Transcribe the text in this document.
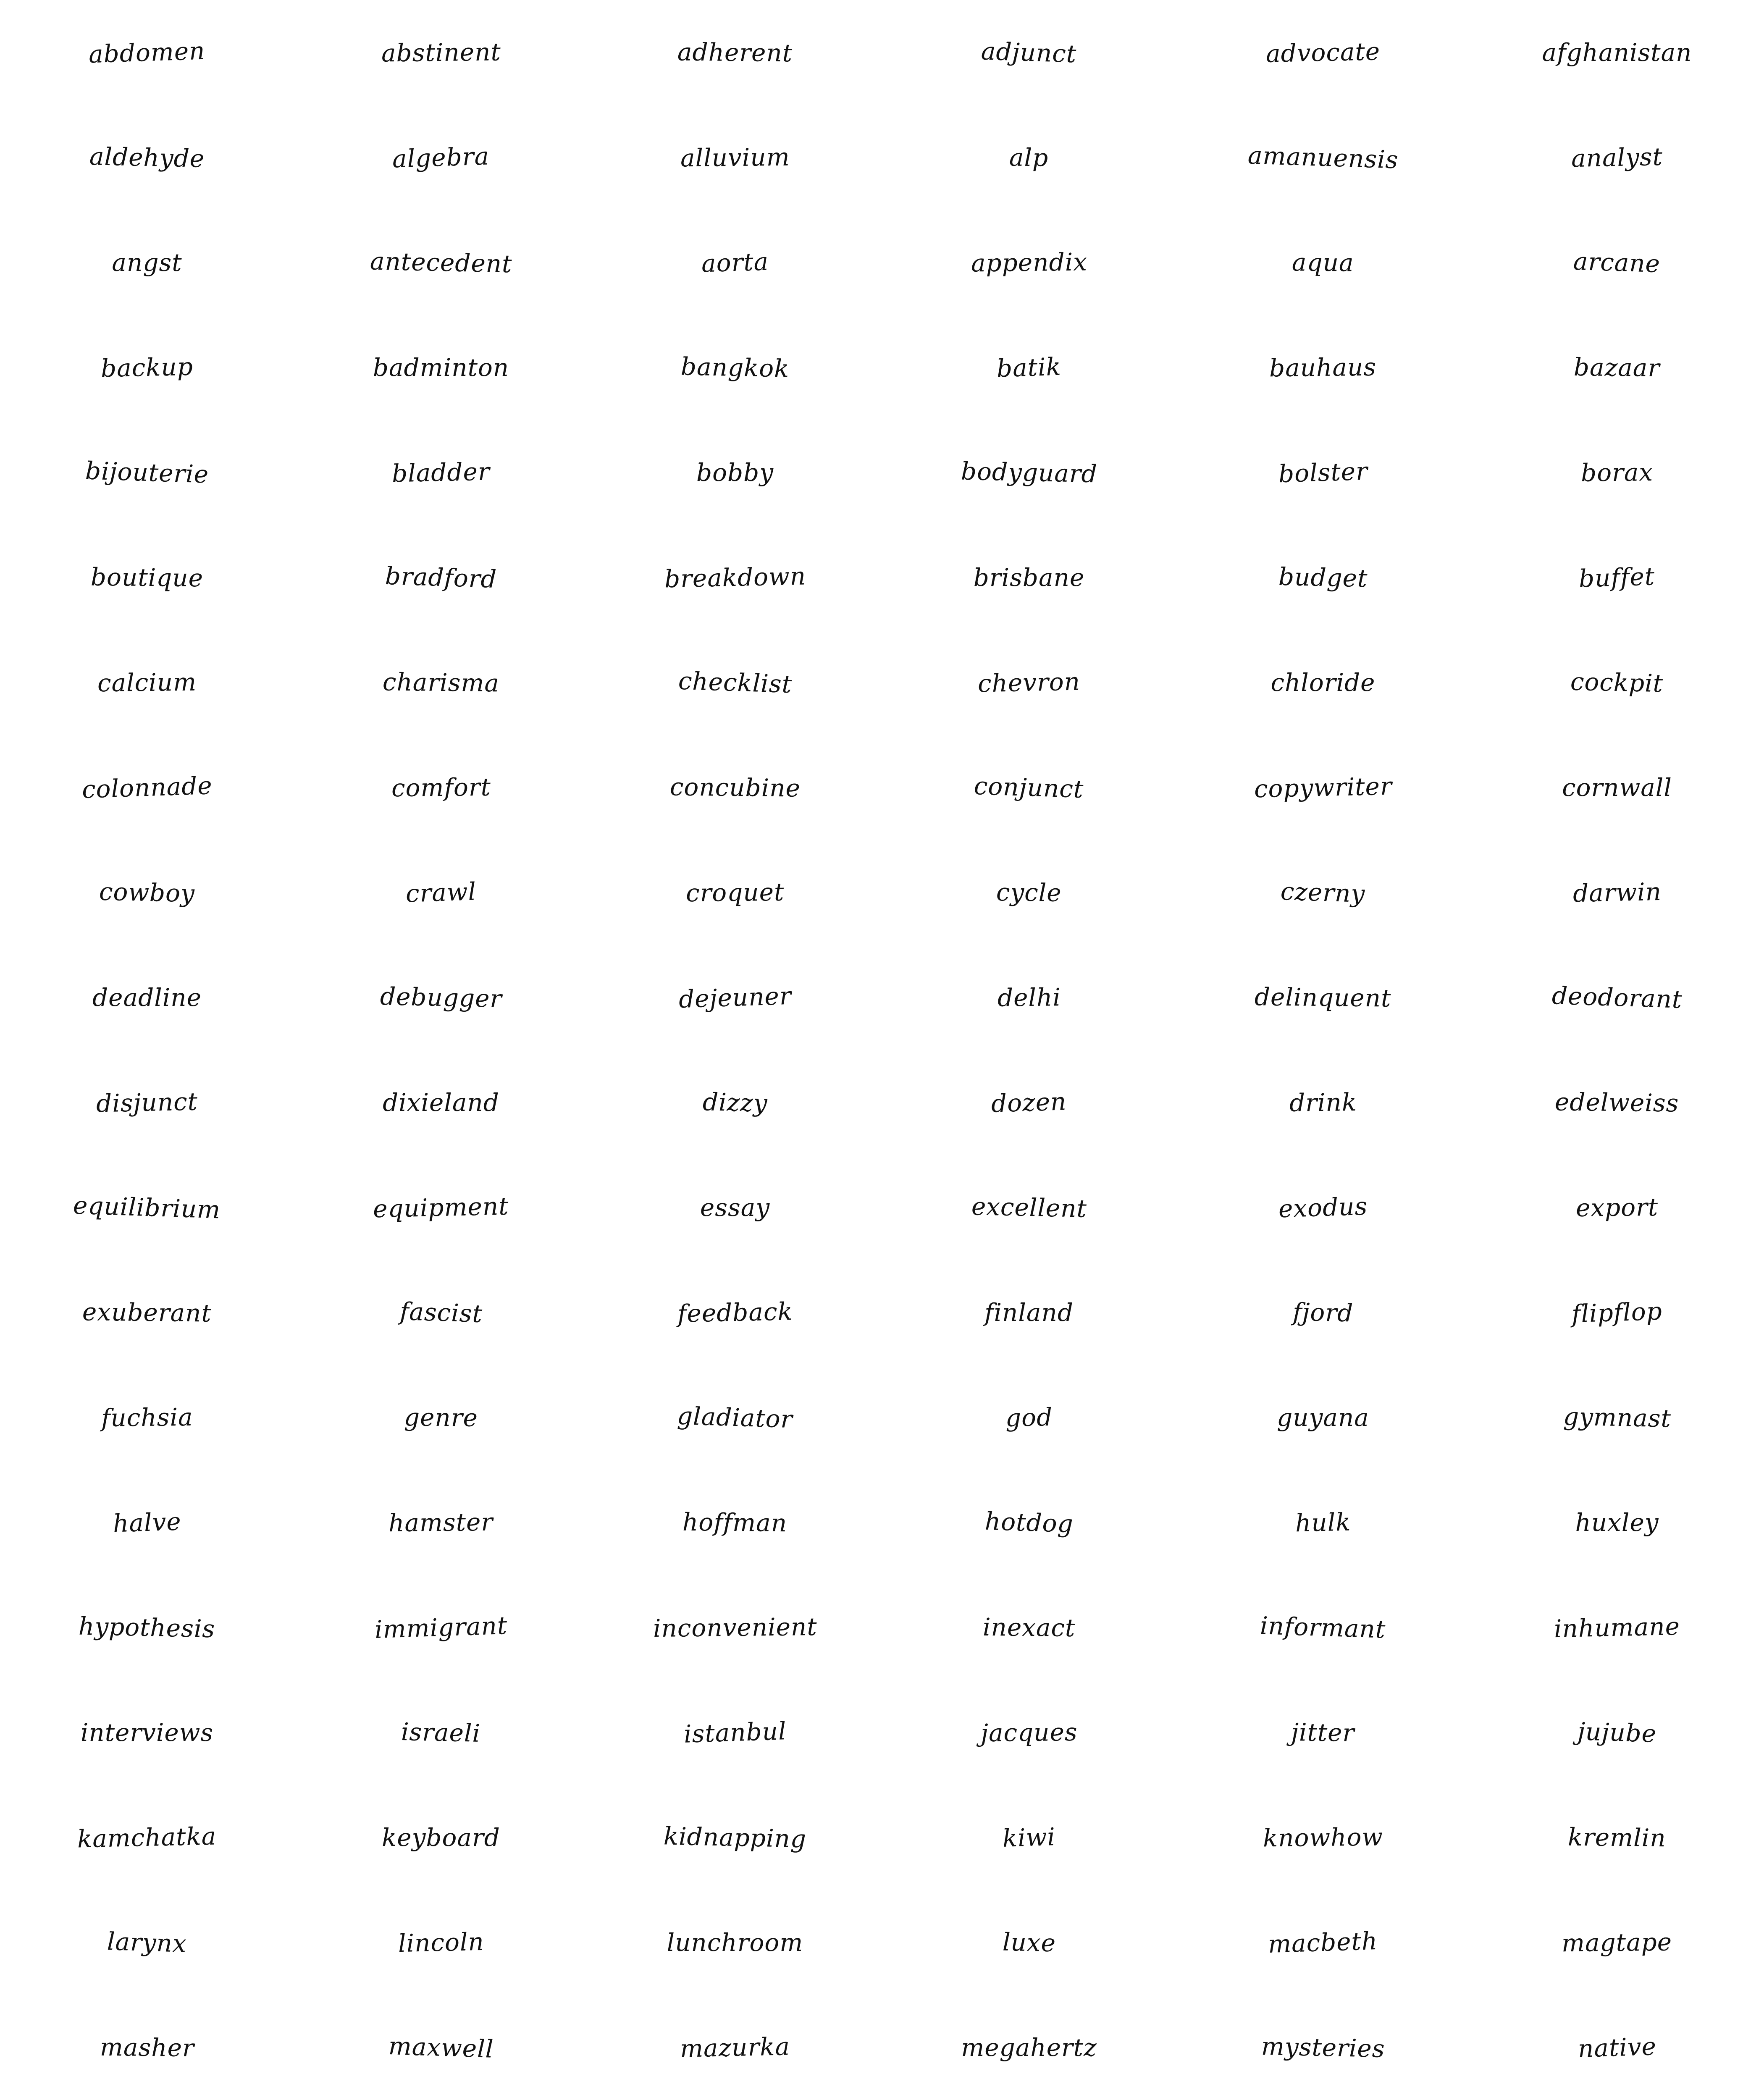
abdomen	abstinent	adherent	adjunct	advocate	afghanistan
aldehyde	algebra	alluvium	alp	amanuensis	analyst
angst	antecedent	aorta	appendix	aqua	arcane
backup	badminton	bangkok	batik	bauhaus	bazaar
bijouterie	bladder	bobby	bodyguard	bolster	borax
boutique	bradford	breakdown	brisbane	budget	buffet
calcium	charisma	checklist	chevron	chloride	cockpit
colonnade	comfort	concubine	conjunct	copywriter	cornwall
cowboy	crawl	croquet	cycle	czerny	darwin
deadline	debugger	dejeuner	delhi	delinquent	deodorant
disjunct	dixieland	dizzy	dozen	drink	edelweiss
equilibrium	equipment	essay	excellent	exodus	export
exuberant	fascist	feedback	finland	fjord	flipflop
fuchsia	genre	gladiator	god	guyana	gymnast
halve	hamster	hoffman	hotdog	hulk	huxley
hypothesis	immigrant	inconvenient	inexact	informant	inhumane
interviews	israeli	istanbul	jacques	jitter	jujube
kamchatka	keyboard	kidnapping	kiwi	knowhow	kremlin
larynx	lincoln	lunchroom	luxe	macbeth	magtape
masher	maxwell	mazurka	megahertz	mysteries	native
